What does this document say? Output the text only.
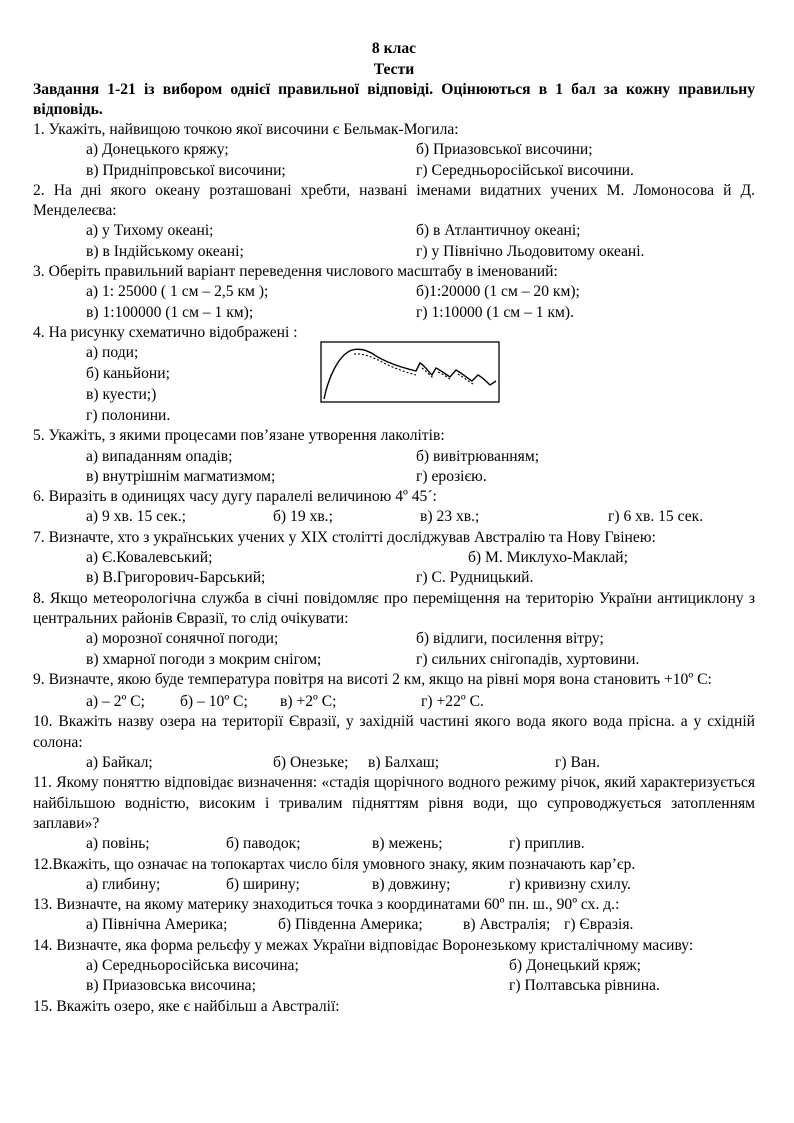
8 клас
Тести

Завдання 1-21 із вибором однієї правильної відповіді. Оцінюються в 1 бал за кожну правильну відповідь.

1. Укажіть, найвищою точкою якої височини є Бельмак-Могила:

а) Донецького кряжу;	б) Приазовської височини;
в) Придніпровської височини;	г) Середньоросійської височини.

2. На дні якого океану розташовані хребти, названі іменами видатних учених М. Ломоносова й Д. Менделеєва:

а) у Тихому океані;	б) в Атлантичноу океані;
в) в Індійському океані;	г) у Північно Льодовитому океані.

3. Оберіть правильний варіант переведення числового масштабу в іменований:

а) 1: 25000 ( 1 см – 2,5 км );	б)1:20000 (1 см – 20 км);
в) 1:100000 (1 см – 1 км);	г) 1:10000 (1 см – 1 км).

4. На рисунку схематично відображені :

а) поди;
б) каньйони;
в) куести;)
г) полонини.

5. Укажіть, з якими процесами пов’язане утворення лаколітів:

а) випаданням опадів;	б) вивітрюванням;
в) внутрішнім магматизмом;	г) ерозією.

6. Виразіть в одиницях часу дугу паралелі величиною 4º 45´:

а) 9 хв. 15 сек.;	б) 19 хв.;	в) 23 хв.;	г) 6 хв. 15 сек.

7. Визначте, хто з українських учених у ХІХ столітті досліджував Австралію та Нову Гвінею:

а) Є.Ковалевський;	б) М. Миклухо-Маклай;
в) В.Григорович-Барський;	г) С. Рудницький.

8. Якщо метеорологічна служба в січні повідомляє про переміщення на територію України антициклону з центральних районів Євразії, то слід очікувати:

а) морозної сонячної погоди;	б) відлиги, посилення вітру;
в) хмарної погоди з мокрим снігом;	г) сильних снігопадів, хуртовини.

9. Визначте, якою буде температура повітря на висоті 2 км, якщо на рівні моря вона становить +10º С:

а) – 2º С; б) – 10º С; в) +2º С;	г) +22º С.

10. Вкажіть назву озера на території Євразії, у західній частині якого вода якого вода прісна. а у східній солона:

а) Байкал;	б) Онезьке; в) Балхаш;	г) Ван.

11. Якому поняттю відповідає визначення: «стадія щорічного водного режиму річок, який характеризується найбільшою водністю, високим і тривалим підняттям рівня води, що супроводжується затопленням заплави»?

а) повінь;	б) паводок;	в) межень;	г) приплив.

12.Вкажіть, що означає на топокартах число біля умовного знаку, яким позначають кар’єр.

а) глибину;	б) ширину;	в) довжину;	г) кривизну схилу.

13. Визначте, на якому материку знаходиться точка з координатами 60º пн. ш., 90º сх. д.:

а) Північна Америка;	б) Південна Америка;	в) Австралія; г) Євразія.

14. Визначте, яка форма рельєфу у межах України відповідає Воронезькому кристалічному масиву:

а) Середньоросійська височина;	б) Донецький кряж;
в) Приазовська височина;	г) Полтавська рівнина.

15. Вкажіть озеро, яке є найбільш а Австралії:
